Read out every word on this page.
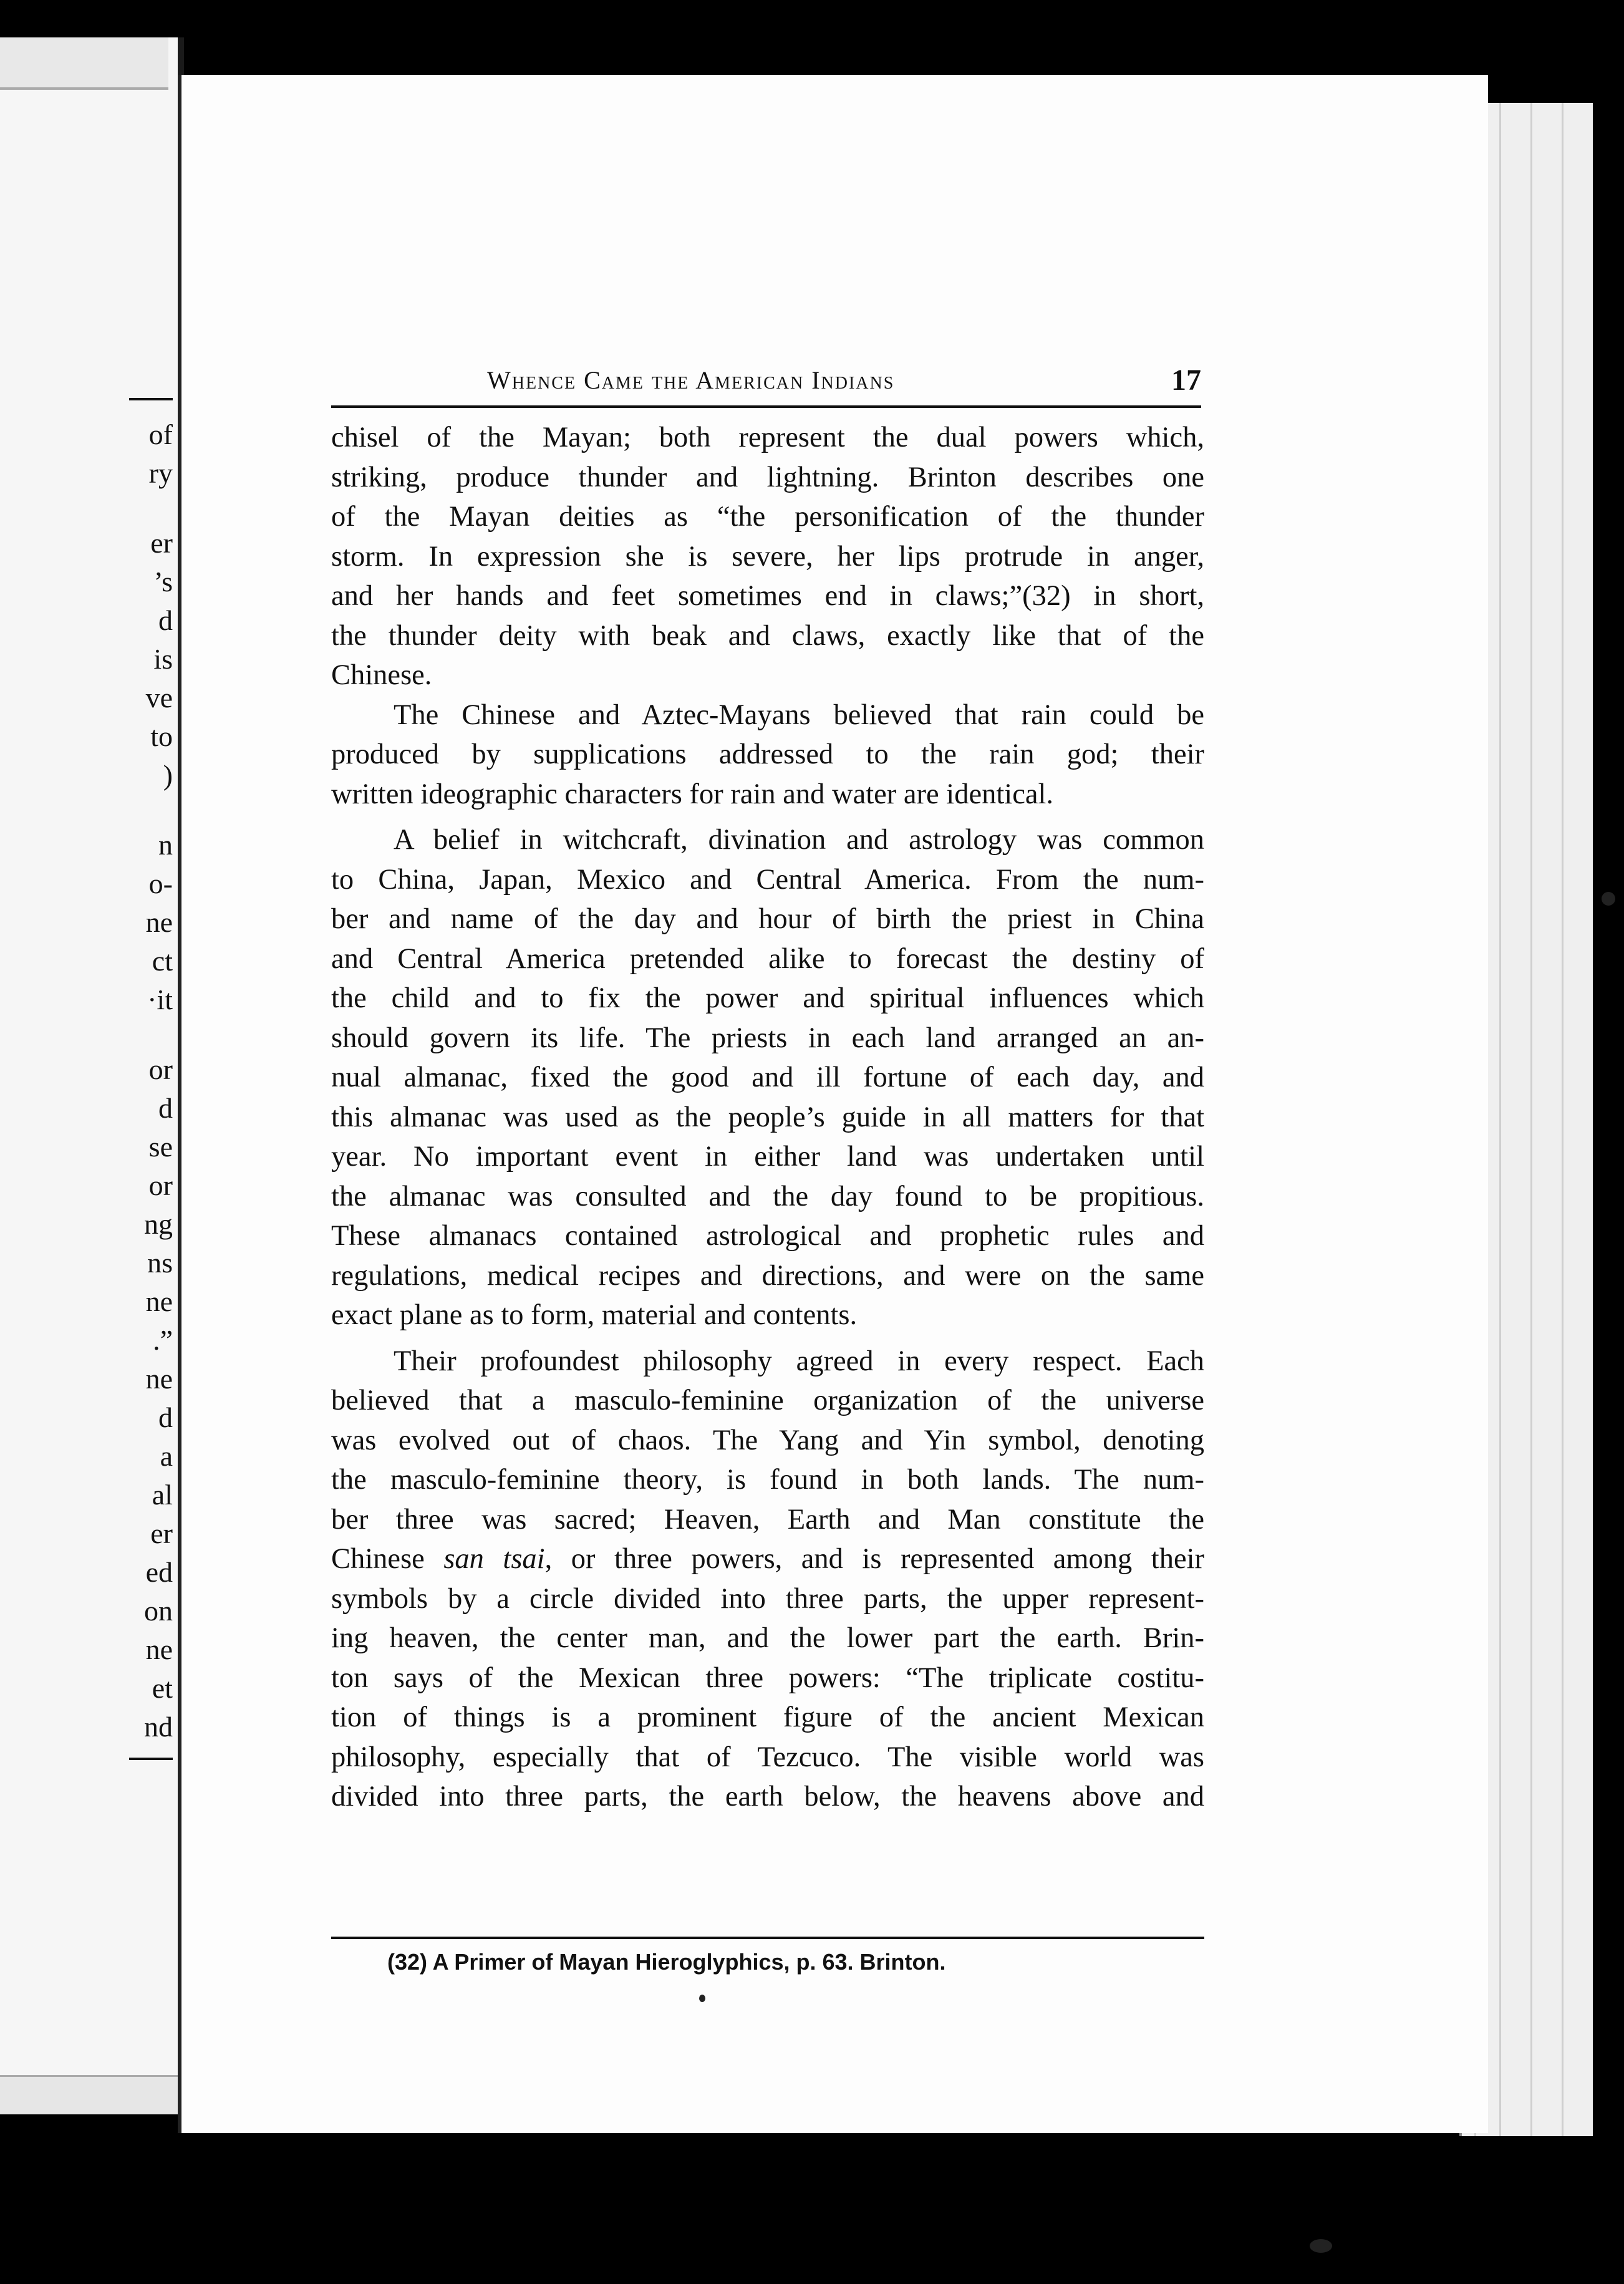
of
ry
er
’s
d
is
ve
to
)
n
o-
ne
ct
·it
or
d
se
or
ng
ns
ne
.”
ne
d
a
al
er
ed
on
ne
et
nd
Whence Came the American Indians	17
chisel of the Mayan; both represent the dual powers which,
striking, produce thunder and lightning. Brinton describes one
of the Mayan deities as “the personification of the thunder
storm. In expression she is severe, her lips protrude in anger,
and her hands and feet sometimes end in claws;”(32) in short,
the thunder deity with beak and claws, exactly like that of the
Chinese.
The Chinese and Aztec-Mayans believed that rain could be
produced by supplications addressed to the rain god; their
written ideographic characters for rain and water are identical.
A belief in witchcraft, divination and astrology was common
to China, Japan, Mexico and Central America. From the num-
ber and name of the day and hour of birth the priest in China
and Central America pretended alike to forecast the destiny of
the child and to fix the power and spiritual influences which
should govern its life. The priests in each land arranged an an-
nual almanac, fixed the good and ill fortune of each day, and
this almanac was used as the people’s guide in all matters for that
year. No important event in either land was undertaken until
the almanac was consulted and the day found to be propitious.
These almanacs contained astrological and prophetic rules and
regulations, medical recipes and directions, and were on the same
exact plane as to form, material and contents.
Their profoundest philosophy agreed in every respect. Each
believed that a masculo-feminine organization of the universe
was evolved out of chaos. The Yang and Yin symbol, denoting
the masculo-feminine theory, is found in both lands. The num-
ber three was sacred; Heaven, Earth and Man constitute the
Chinese san tsai, or three powers, and is represented among their
symbols by a circle divided into three parts, the upper represent-
ing heaven, the center man, and the lower part the earth. Brin-
ton says of the Mexican three powers: “The triplicate costitu-
tion of things is a prominent figure of the ancient Mexican
philosophy, especially that of Tezcuco. The visible world was
divided into three parts, the earth below, the heavens above and
(32) A Primer of Mayan Hieroglyphics, p. 63. Brinton.
